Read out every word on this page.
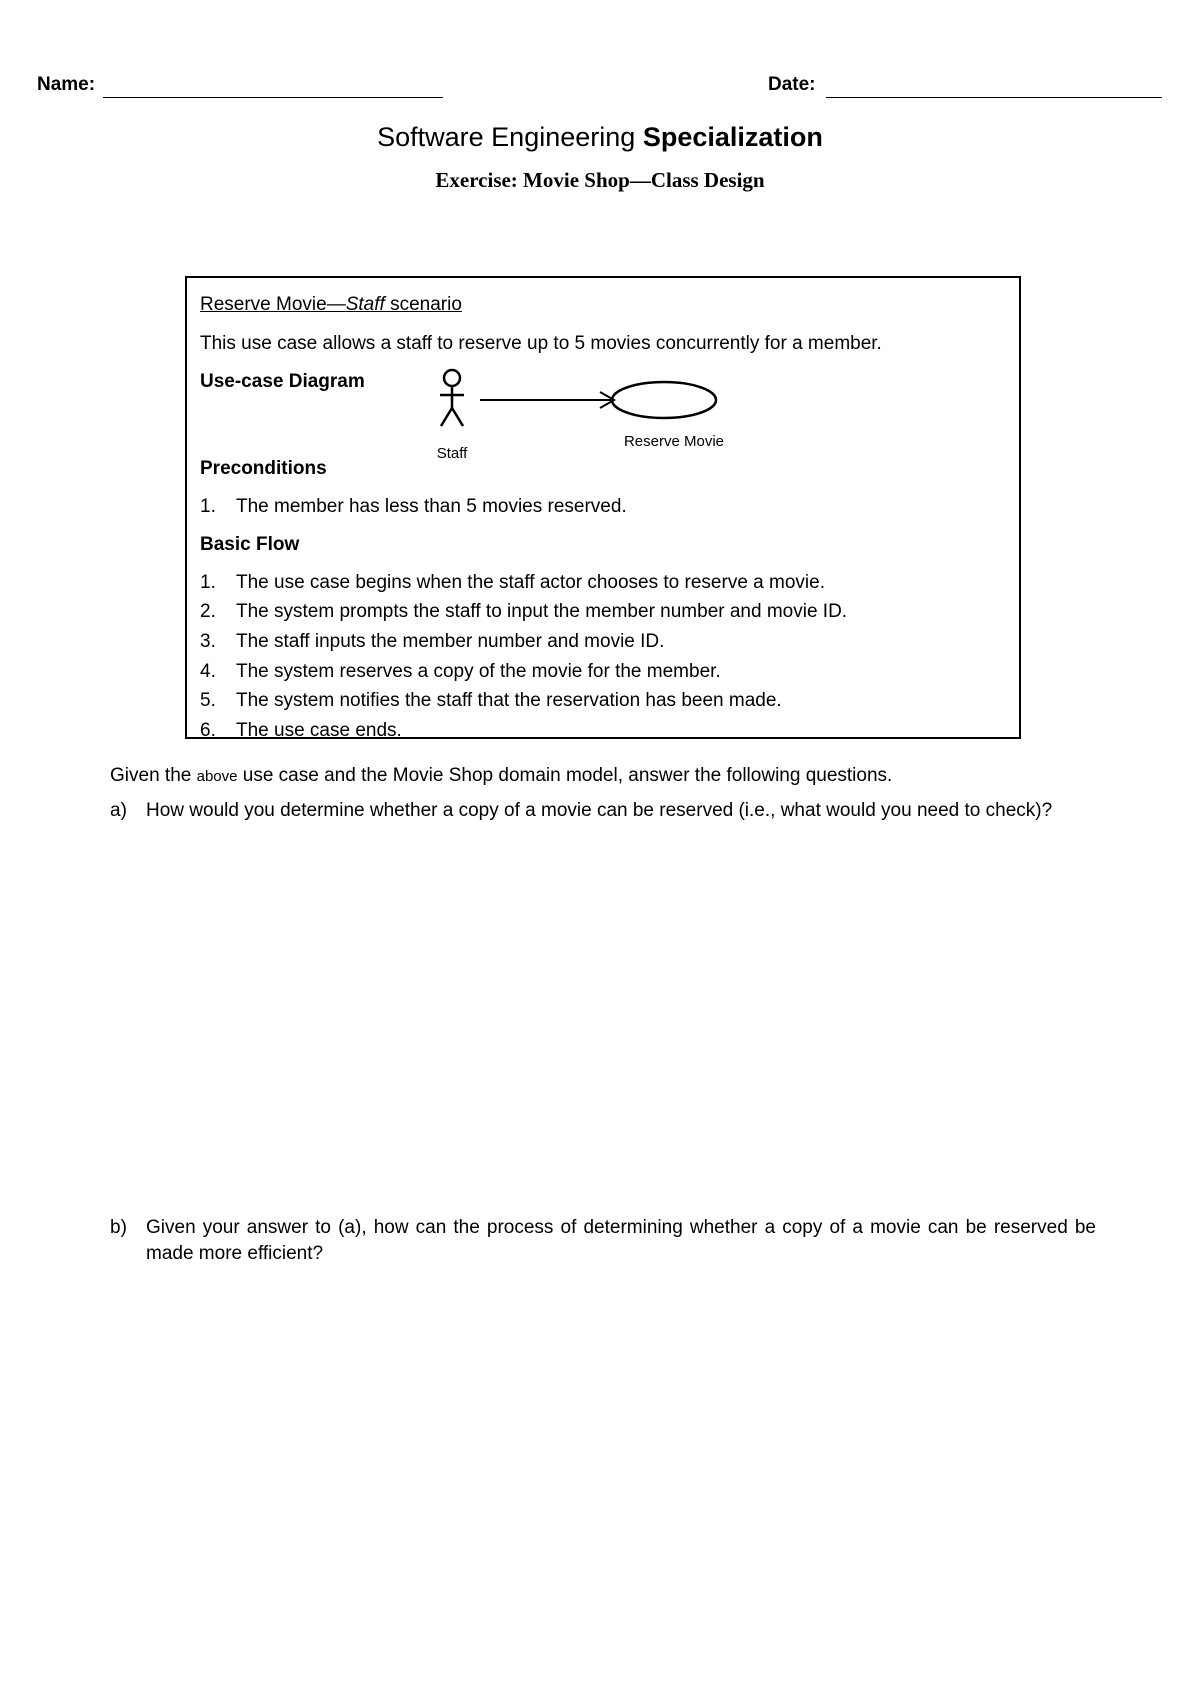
Name:	Date:
Software Engineering Specialization
Exercise: Movie Shop—Class Design
Reserve Movie—Staff scenario
This use case allows a staff to reserve up to 5 movies concurrently for a member.
Use-case Diagram
Staff
Reserve Movie
Preconditions
1. The member has less than 5 movies reserved.
Basic Flow
1. The use case begins when the staff actor chooses to reserve a movie.
2. The system prompts the staff to input the member number and movie ID.
3. The staff inputs the member number and movie ID.
4. The system reserves a copy of the movie for the member.
5. The system notifies the staff that the reservation has been made.
6. The use case ends.
Given the above use case and the Movie Shop domain model, answer the following questions.
a) How would you determine whether a copy of a movie can be reserved (i.e., what would you need to check)?
b) Given your answer to (a), how can the process of determining whether a copy of a movie can be reserved be made more efficient?
